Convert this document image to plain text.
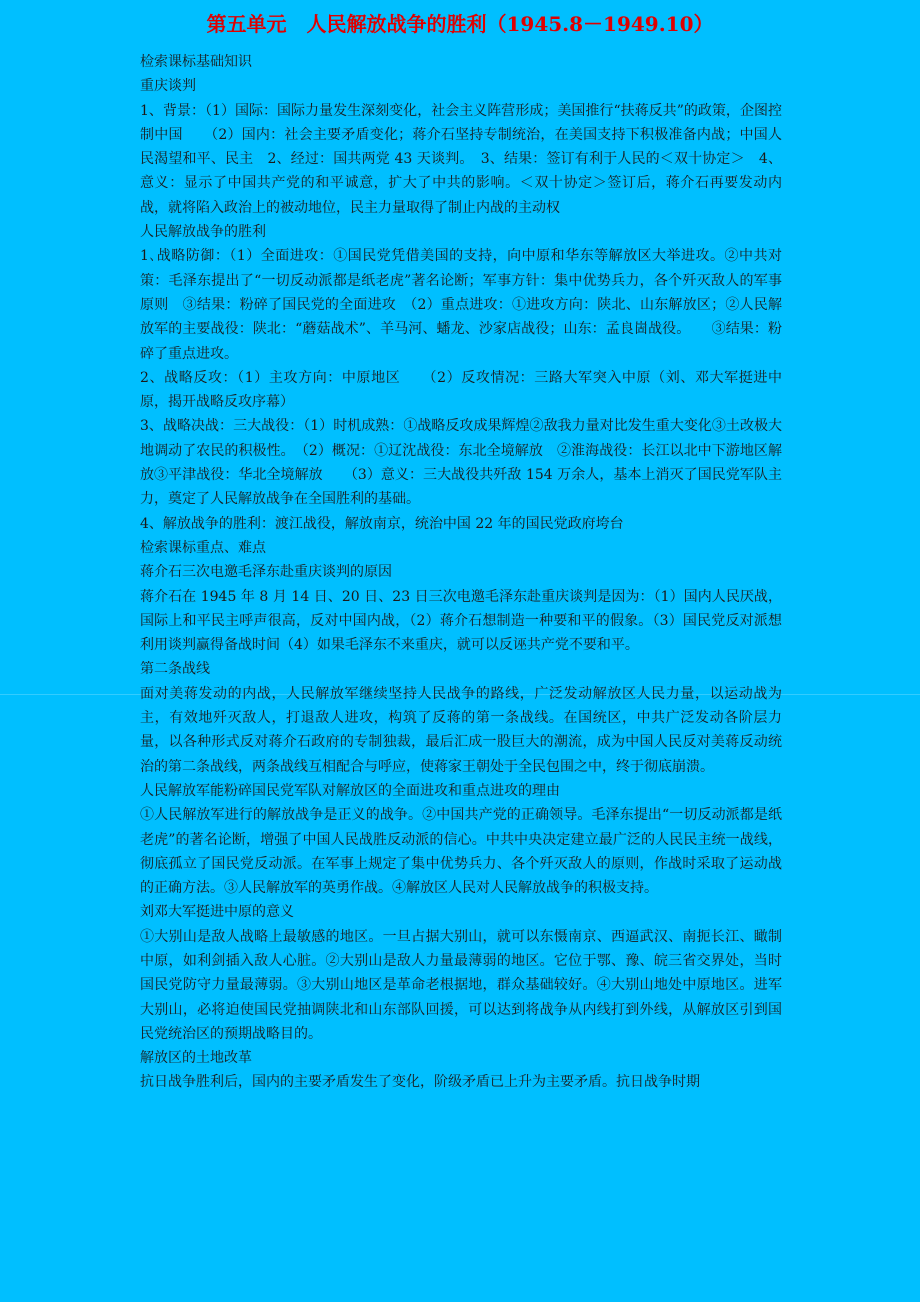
第五单元　人民解放战争的胜利（1945.8－1949.10）

检索课标基础知识

重庆谈判

1、背景：（1）国际：国际力量发生深刻变化，社会主义阵营形成；美国推行“扶蒋反共”的政策，企图控制中国　　（2）国内：社会主要矛盾变化；蒋介石坚持专制统治，在美国支持下积极准备内战；中国人民渴望和平、民主　2、经过：国共两党 43 天谈判。　3、结果：签订有利于人民的＜双十协定＞　4、意义：显示了中国共产党的和平诚意，扩大了中共的影响。＜双十协定＞签订后，蒋介石再要发动内战，就将陷入政治上的被动地位，民主力量取得了制止内战的主动权

人民解放战争的胜利

1､战略防御：（1）全面进攻：①国民党凭借美国的支持，向中原和华东等解放区大举进攻。②中共对策：毛泽东提出了“一切反动派都是纸老虎”著名论断；军事方针：集中优势兵力，各个歼灭敌人的军事原则　③结果：粉碎了国民党的全面进攻　（2）重点进攻：①进攻方向：陕北、山东解放区；②人民解放军的主要战役：陕北：“蘑菇战术”、羊马河、蟠龙、沙家店战役；山东：孟良崮战役。　　③结果：粉碎了重点进攻。

2、战略反攻：（1）主攻方向：中原地区　　（2）反攻情况：三路大军突入中原（刘、邓大军挺进中原，揭开战略反攻序幕）

3、战略决战：三大战役：（1）时机成熟：①战略反攻成果辉煌②敌我力量对比发生重大变化③土改极大地调动了农民的积极性。　（2）概况：①辽沈战役：东北全境解放　②淮海战役：长江以北中下游地区解放③平津战役：华北全境解放　　（3）意义：三大战役共歼敌 154 万余人，基本上消灭了国民党军队主力，奠定了人民解放战争在全国胜利的基础。

4、解放战争的胜利：渡江战役，解放南京，统治中国 22 年的国民党政府垮台

检索课标重点、难点

蒋介石三次电邀毛泽东赴重庆谈判的原因

蒋介石在 1945 年 8 月 14 日、20 日、23 日三次电邀毛泽东赴重庆谈判是因为：（1）国内人民厌战，国际上和平民主呼声很高，反对中国内战，（2）蒋介石想制造一种要和平的假象。（3）国民党反对派想利用谈判赢得备战时间（4）如果毛泽东不来重庆，就可以反诬共产党不要和平。

第二条战线

面对美蒋发动的内战，人民解放军继续坚持人民战争的路线，广泛发动解放区人民力量，以运动战为主，有效地歼灭敌人，打退敌人进攻，构筑了反蒋的第一条战线。在国统区，中共广泛发动各阶层力量，以各种形式反对蒋介石政府的专制独裁，最后汇成一股巨大的潮流，成为中国人民反对美蒋反动统治的第二条战线，两条战线互相配合与呼应，使蒋家王朝处于全民包围之中，终于彻底崩溃。

人民解放军能粉碎国民党军队对解放区的全面进攻和重点进攻的理由

①人民解放军进行的解放战争是正义的战争。②中国共产党的正确领导。毛泽东提出“一切反动派都是纸老虎”的著名论断，增强了中国人民战胜反动派的信心。中共中央决定建立最广泛的人民民主统一战线，彻底孤立了国民党反动派。在军事上规定了集中优势兵力、各个歼灭敌人的原则，作战时采取了运动战的正确方法。③人民解放军的英勇作战。④解放区人民对人民解放战争的积极支持。

刘邓大军挺进中原的意义

①大别山是敌人战略上最敏感的地区。一旦占据大别山，就可以东慑南京、西逼武汉、南扼长江、瞰制中原，如利剑插入敌人心脏。②大别山是敌人力量最薄弱的地区。它位于鄂、豫、皖三省交界处，当时国民党防守力量最薄弱。③大别山地区是革命老根据地，群众基础较好。④大别山地处中原地区。进军大别山，必将迫使国民党抽调陕北和山东部队回援，可以达到将战争从内线打到外线，从解放区引到国民党统治区的预期战略目的。

解放区的土地改革

抗日战争胜利后，国内的主要矛盾发生了变化，阶级矛盾已上升为主要矛盾。抗日战争时期
